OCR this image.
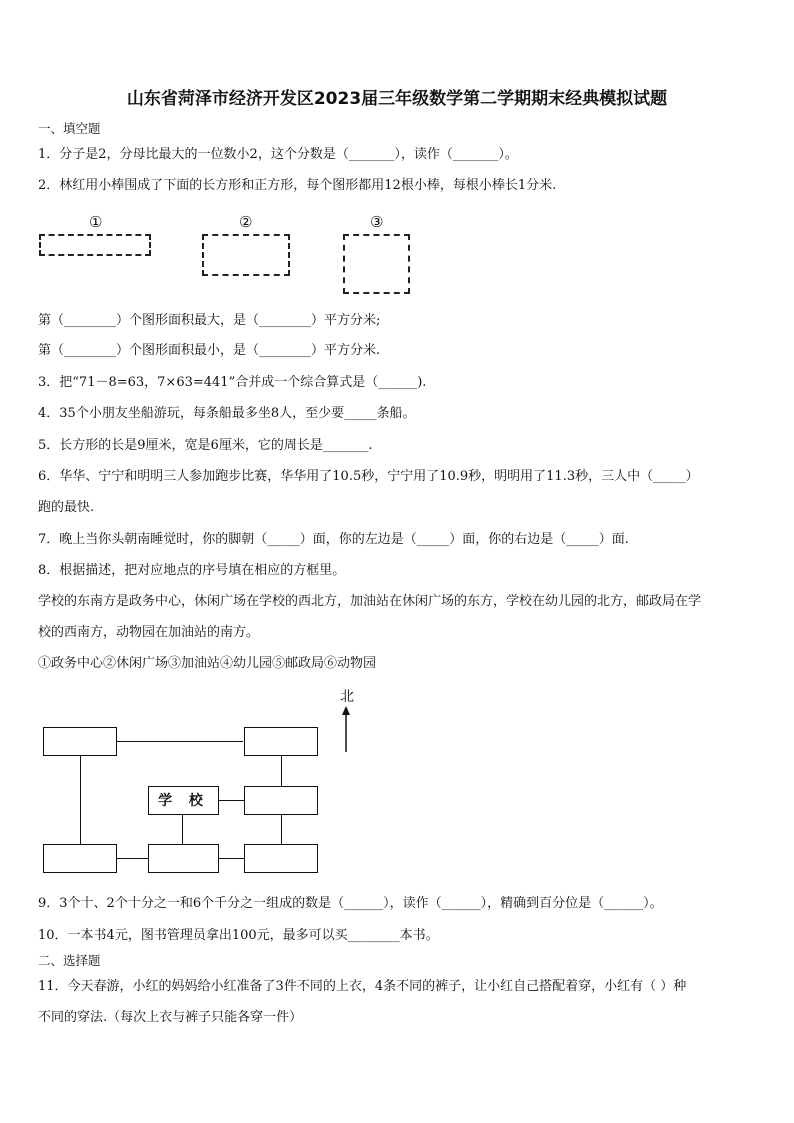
山东省菏泽市经济开发区2023届三年级数学第二学期期末经典模拟试题
一、填空题
1．分子是2，分母比最大的一位数小2，这个分数是（_______），读作（_______）。
2．林红用小棒围成了下面的长方形和正方形，每个图形都用12根小棒，每根小棒长1分米.
①	②	③
第（________）个图形面积最大，是（________）平方分米;
第（________）个图形面积最小，是（________）平方分米.
3．把“71－8=63，7×63=441”合并成一个综合算式是（______).
4．35个小朋友坐船游玩，每条船最多坐8人，至少要_____条船。
5．长方形的长是9厘米，宽是6厘米，它的周长是_______.
6．华华、宁宁和明明三人参加跑步比赛，华华用了10.5秒，宁宁用了10.9秒，明明用了11.3秒，三人中（_____）
跑的最快.
7．晚上当你头朝南睡觉时，你的脚朝（_____）面，你的左边是（_____）面，你的右边是（_____）面.
8．根据描述，把对应地点的序号填在相应的方框里。
学校的东南方是政务中心，休闲广场在学校的西北方，加油站在休闲广场的东方，学校在幼儿园的北方，邮政局在学
校的西南方，动物园在加油站的南方。
①政务中心②休闲广场③加油站④幼儿园⑤邮政局⑥动物园
北
学 校
9．3个十、2个十分之一和6个千分之一组成的数是（______），读作（______），精确到百分位是（______）。
10．一本书4元，图书管理员拿出100元，最多可以买________本书。
二、选择题
11．今天春游，小红的妈妈给小红准备了3件不同的上衣，4条不同的裤子，让小红自己搭配着穿，小红有（ ）种
不同的穿法.（每次上衣与裤子只能各穿一件）
